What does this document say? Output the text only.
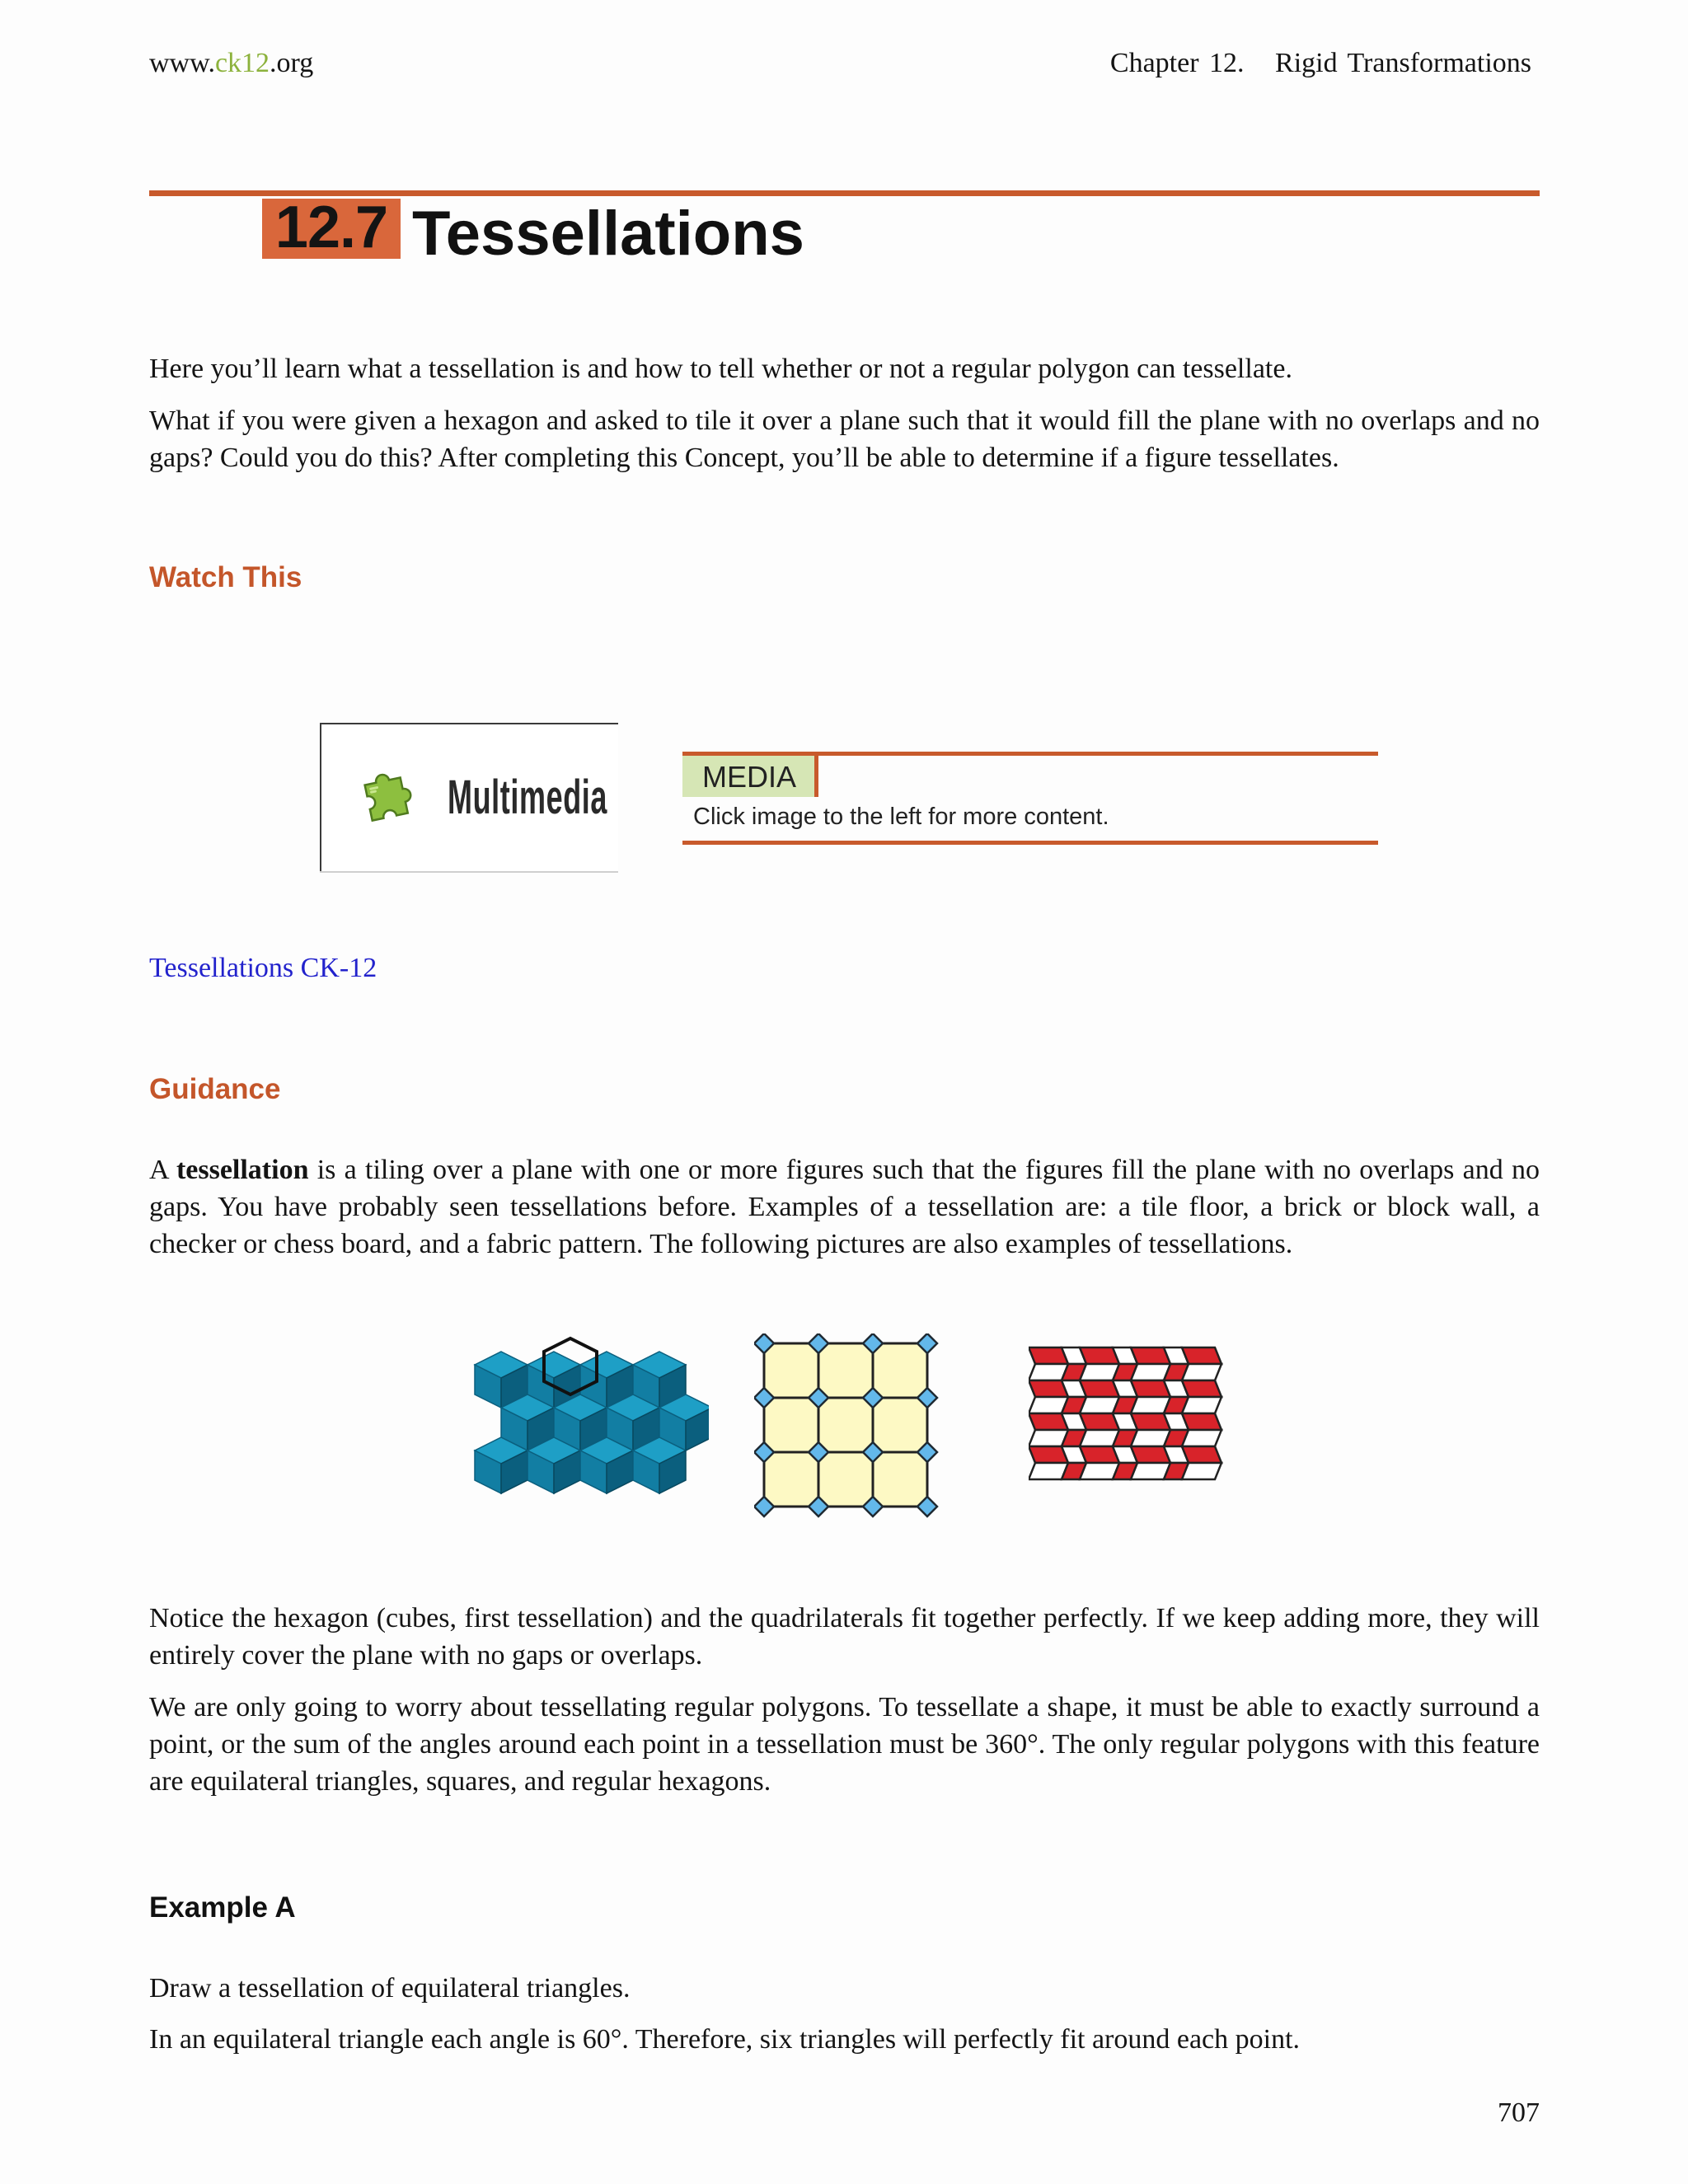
www.ck12.org	Chapter 12.   Rigid Transformations
12.7 Tessellations
Here you’ll learn what a tessellation is and how to tell whether or not a regular polygon can tessellate.
What if you were given a hexagon and asked to tile it over a plane such that it would fill the plane with no overlaps and no gaps? Could you do this? After completing this Concept, you’ll be able to determine if a figure tessellates.
Watch This
Multimedia	MEDIA
Click image to the left for more content.
Tessellations CK-12
Guidance
A tessellation is a tiling over a plane with one or more figures such that the figures fill the plane with no overlaps and no gaps. You have probably seen tessellations before. Examples of a tessellation are: a tile floor, a brick or block wall, a checker or chess board, and a fabric pattern. The following pictures are also examples of tessellations.
Notice the hexagon (cubes, first tessellation) and the quadrilaterals fit together perfectly. If we keep adding more, they will entirely cover the plane with no gaps or overlaps.
We are only going to worry about tessellating regular polygons. To tessellate a shape, it must be able to exactly surround a point, or the sum of the angles around each point in a tessellation must be 360°. The only regular polygons with this feature are equilateral triangles, squares, and regular hexagons.
Example A
Draw a tessellation of equilateral triangles.
In an equilateral triangle each angle is 60°. Therefore, six triangles will perfectly fit around each point.
707
